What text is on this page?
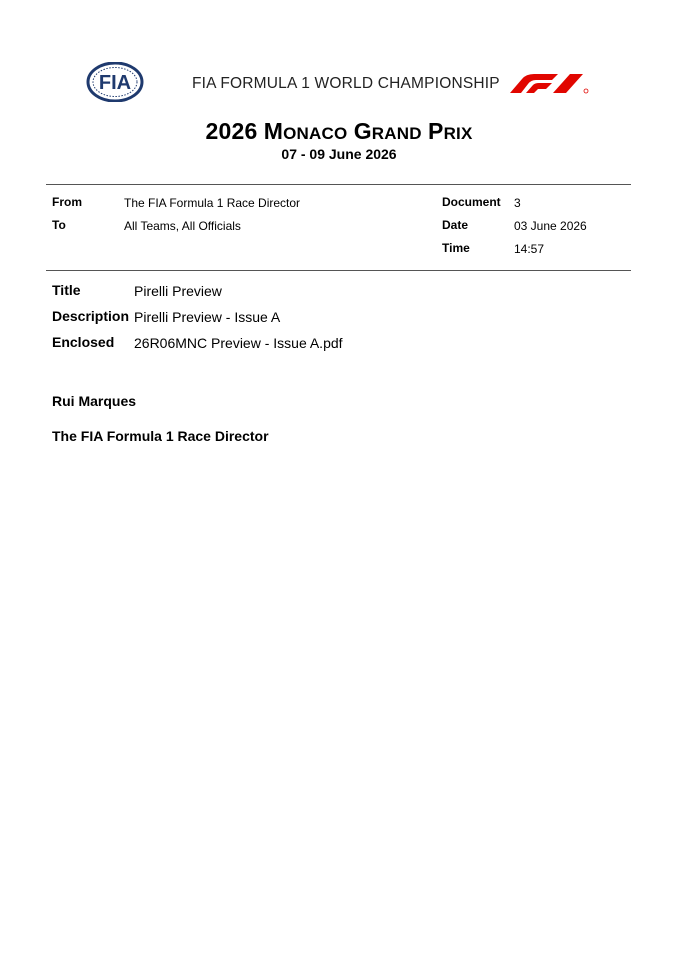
FIA	FIA FORMULA 1 WORLD CHAMPIONSHIP
2026 MONACO GRAND PRIX
07 - 09 June 2026
From	The FIA Formula 1 Race Director
To	All Teams, All Officials
Document 3
Date	03 June 2026
Time	14:57
Title	Pirelli Preview
Description Pirelli Preview - Issue A
Enclosed 26R06MNC Preview - Issue A.pdf
Rui Marques
The FIA Formula 1 Race Director
